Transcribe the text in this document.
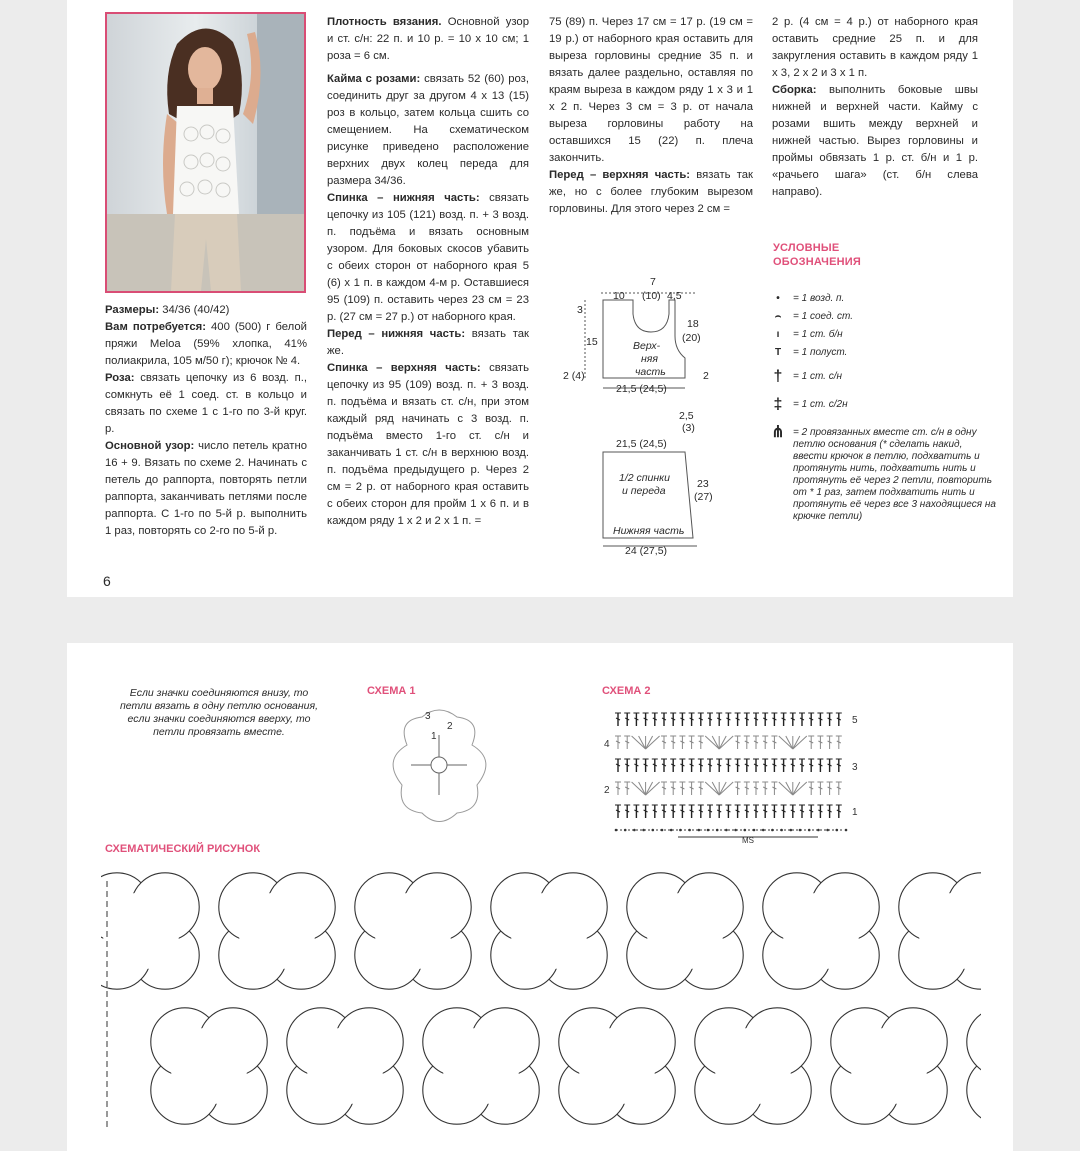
Размеры: 34/36 (40/42)

Вам потребуется: 400 (500) г белой пряжи Meloa (59% хлопка, 41% полиакрила, 105 м/50 г); крючок № 4.

Роза: связать цепочку из 6 возд. п., сомкнуть её 1 соед. ст. в кольцо и связать по схеме 1 с 1-го по 3-й круг. р.

Основной узор: число петель кратно 16 + 9. Вязать по схеме 2. Начинать с петель до раппорта, повторять петли раппорта, заканчивать петлями после раппорта. С 1-го по 5-й р. выполнить 1 раз, повторять со 2-го по 5-й р.

Плотность вязания. Основной узор и ст. с/н: 22 п. и 10 р. = 10 х 10 см; 1 роза = 6 см.

Кайма с розами: связать 52 (60) роз, соединить друг за другом 4 х 13 (15) роз в кольцо, затем кольца сшить со смещением. На схематическом рисунке приведено расположение верхних двух колец переда для размера 34/36.

Спинка – нижняя часть: связать цепочку из 105 (121) возд. п. + 3 возд. п. подъёма и вязать основным узором. Для боковых скосов убавить с обеих сторон от наборного края 5 (6) х 1 п. в каждом 4-м р. Оставшиеся 95 (109) п. оставить через 23 см = 23 р. (27 см = 27 р.) от наборного края.

Перед – нижняя часть: вязать так же.

Спинка – верхняя часть: связать цепочку из 95 (109) возд. п. + 3 возд. п. подъёма и вязать ст. с/н, при этом каждый ряд начинать с 3 возд. п. подъёма вместо 1-го ст. с/н и заканчивать 1 ст. с/н в верхнюю возд. п. подъёма предыдущего р. Через 2 см = 2 р. от наборного края оставить с обеих сторон для пройм 1 х 6 п. и в каждом ряду 1 х 2 и 2 х 1 п. =

75 (89) п. Через 17 см = 17 р. (19 см = 19 р.) от наборного края оставить для выреза горловины средние 35 п. и вязать далее раздельно, оставляя по краям выреза в каждом ряду 1 х 3 и 1 х 2 п. Через 3 см = 3 р. от начала выреза горловины работу на оставшихся 15 (22) п. плеча закончить.

Перед – верхняя часть: вязать так же, но с более глубоким вырезом горловины. Для этого через 2 см =

2 р. (4 см = 4 р.) от наборного края оставить средние 25 п. и для закругления оставить в каждом ряду 1 х 3, 2 х 2 и 3 х 1 п.

Сборка: выполнить боковые швы нижней и верхней части. Кайму с розами вшить между верхней и нижней частью. Вырез горловины и проймы обвязать 1 р. ст. б/н и 1 р. «рачьего шага» (ст. б/н слева направо).

7
10 (10) 4,5
3
15
18
(20)
Верх-
няя
часть
2 (4)	2
21,5 (24,5)
2,5
(3)
21,5 (24,5)
1/2 спинки
и переда
23
(27)
Нижняя часть
24 (27,5)
УСЛОВНЫЕ
ОБОЗНАЧЕНИЯ
•	= 1 возд. п.
⌢	= 1 соед. ст.
ı	= 1 ст. б/н
T	= 1 полуст.
†	= 1 ст. с/н
‡	= 1 ст. с/2н
⋔ = 2 провязанных вместе ст. с/н в одну петлю основания (* сделать накид, ввести крючок в петлю, подхватить и протянуть нить, подхватить нить и протянуть её через 2 петли, повторить от * 1 раз, затем подхватить нить и протянуть её через все 3 находящиеся на крючке петли)
6
Если значки соединяются внизу, то петли вязать в одну петлю основания, если значки соединяются вверху, то петли провязать вместе.
СХЕМА 1	СХЕМА 2
3
2
1
5
4
3
2
1
MS
СХЕМАТИЧЕСКИЙ РИСУНОК
